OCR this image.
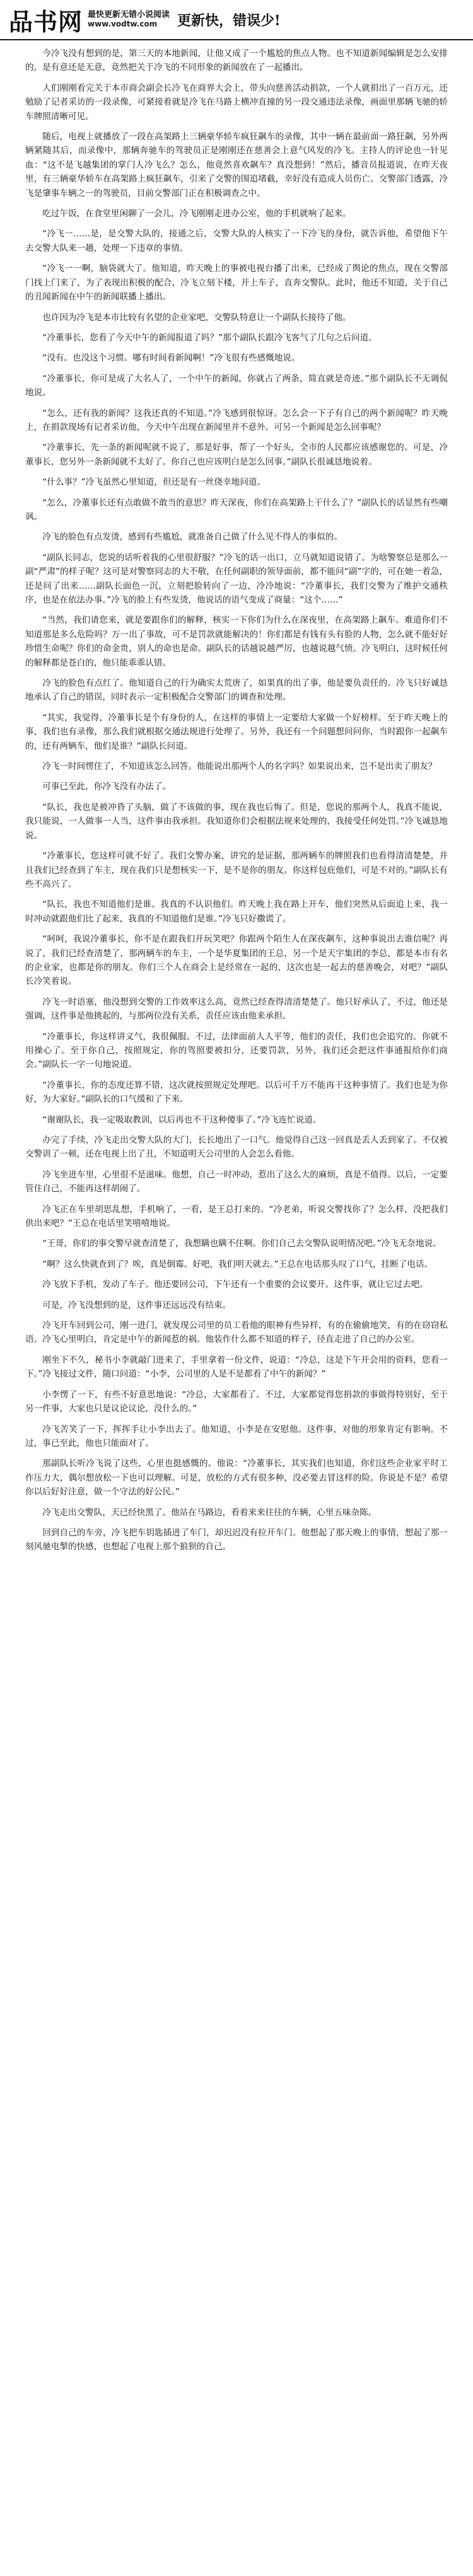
品书网 最快更新无错小说阅读
www.vodtw.com	更新快，错误少!

今冷飞没有想到的是，第三天的本地新闻，让他又成了一个尴尬的焦点人物。也不知道新闻编辑是怎么安排的，是有意还是无意，竟然把关于冷飞的不同形象的新闻放在了一起播出。

人们刚刚看完关于本市商会副会长冷飞在商界大会上，带头向慈善活动捐款，一个人就捐出了一百万元，还勉励了记者采访的一段录像，可紧接着就是冷飞在马路上横冲直撞的另一段交通违法录像，画面里那辆飞驰的轿车牌照清晰可见。

随后，电视上就播放了一段在高架路上三辆豪华轿车疯狂飙车的录像，其中一辆在最前面一路狂飙，另外两辆紧随其后，而录像中，那辆奔驰车的驾驶员正是刚刚还在慈善会上意气风发的冷飞。主持人的评论也一针见血：“这不是飞越集团的掌门人冷飞么？怎么，他竟然喜欢飙车？真没想到！”然后，播音员报道说，在昨天夜里，有三辆豪华轿车在高架路上疯狂飙车，引来了交警的围追堵截，幸好没有造成人员伤亡。交警部门透露，冷飞是肇事车辆之一的驾驶员，目前交警部门正在积极调查之中。

吃过午饭，在食堂里闲聊了一会儿，冷飞刚刚走进办公室，他的手机就响了起来。

“冷飞一……是，是交警大队的，接通之后，交警大队的人核实了一下冷飞的身份，就告诉他，希望他下午去交警大队来一趟，处理一下违章的事情。

“冷飞一一啊，脑袋就大了。他知道，昨天晚上的事被电视台播了出来，已经成了舆论的焦点，现在交警部门找上门来了，为了表现出积极的配合，冷飞立刻下楼，开上车子，直奔交警队。此时，他还不知道，关于自己的丑闻新闻在中午的新闻联播上播出。

也许因为冷飞是本市比较有名望的企业家吧，交警队特意让一个副队长接待了他。

“冷董事长，您看了今天中午的新闻报道了吗？”那个副队长跟冷飞客气了几句之后问道。

“没有。也没这个习惯。哪有时间看新闻啊！”冷飞很有些感慨地说。

“冷董事长，你可是成了大名人了，一个中午的新闻，你就占了两条，简直就是奇迹。”那个副队长不无调侃地说。

“怎么，还有我的新闻？这我还真的不知道。”冷飞感到很惊讶。怎么会一下子有自己的两个新闻呢？昨天晚上，在捐款现场有记者采访他，今天中午出现在新闻里并不意外。可另一个新闻是怎么回事呢？

“冷董事长，先一条的新闻呢就不说了，那是好事，帮了一个好头，全市的人民都应该感谢您的。可是，冷董事长，您另外一条新闻就不太好了。你自己也应该明白是怎么回事。”副队长很诚恳地说着。

“什么事？”冷飞虽然心里知道，但还是有一丝侥幸地问道。

“怎么，冷董事长还有点敢做不敢当的意思？昨天深夜，你们在高架路上干什么了？”副队长的话显然有些嘲讽。

冷飞的脸色有点发烫，感到有些尴尬，就准备自己做了什么见不得人的事似的。

“副队长同志，您说的话听着我的心里很舒服？”冷飞的话一出口，立马就知道说错了。为啥警察总是那么一副“严肃”的样子呢？这可是对警察同志的大不敬，在任何副职的领导面前，都不能问“副”字的，可在她一着急，还是问了出来……副队长面色一沉，立刻把脸转向了一边，冷冷地说：“冷董事长，我们交警为了维护交通秩序，也是在依法办事。”冷飞的脸上有些发烫，他说话的语气变成了商量：“这个……”

“当然，我们请您来，就是要跟你们的解释，核实一下你们为什么在深夜里，在高架路上飙车。难道你们不知道那是多么危险吗？万一出了事故，可不是罚款就能解决的！你们都是有钱有头有脸的人物，怎么就不能好好珍惜生命呢？你们的命金贵，别人的命也是命。副队长的话越说越严厉，也越说越气愤。冷飞明白，这时候任何的解释都是苍白的，他只能乖乖认错。

冷飞的脸色有点红了。他知道自己的行为确实太荒唐了，如果真的出了事，他是要负责任的。冷飞只好诚恳地承认了自己的错误，同时表示一定积极配合交警部门的调查和处理。

“其实，我觉得，冷董事长是个有身份的人，在这样的事情上一定要给大家做一个好榜样。至于昨天晚上的事，我们也有录像，那么我们就根据交通法规进行处理了。另外，我还有一个问题想问问你，当时跟你一起飙车的，还有两辆车，他们是谁？”副队长问道。

冷飞一时间愣住了，不知道该怎么回答。他能说出那两个人的名字吗？如果说出来，岂不是出卖了朋友？

可事已至此，你冷飞没有办法了。

“队长，我也是被冲昏了头脑，做了不该做的事，现在我也后悔了。但是，您说的那两个人，我真不能说，我只能说，一人做事一人当，这件事由我承担。我知道你们会根据法规来处理的，我接受任何处罚。”冷飞诚恳地说。

“冷董事长，您这样可就不好了。我们交警办案，讲究的是证据，那两辆车的牌照我们也看得清清楚楚，并且我们已经查到了车主，现在我们只是想核实一下，是不是你的朋友。你这样包庇他们，可是不对的。”副队长有些不高兴了。

“队长，我也不知道他们是谁。我真的不认识他们。昨天晚上我在路上开车，他们突然从后面追上来，我一时冲动就跟他们比了起来，我真的不知道他们是谁。”冷飞只好撒谎了。

“呵呵，我说冷董事长，你不是在跟我们开玩笑吧？你跟两个陌生人在深夜飙车，这种事说出去谁信呢？再说了，我们已经查清楚了，那两辆车的车主，一个是华夏集团的王总，另一个是天宇集团的李总，都是本市有名的企业家，也都是你的朋友。你们三个人在商会上是经常在一起的，这次也是一起去的慈善晚会，对吧？”副队长冷笑着说。

冷飞一时语塞，他没想到交警的工作效率这么高，竟然已经查得清清楚楚了。他只好承认了，不过，他还是强调，这件事是他挑起的，与那两位没有关系，责任应该由他来承担。

“冷董事长，你这样讲义气，我很佩服。不过，法律面前人人平等，他们的责任，我们也会追究的。你就不用操心了。至于你自己，按照规定，你的驾照要被扣分，还要罚款，另外，我们还会把这件事通报给你们商会。”副队长一字一句地说道。

“冷董事长，你的态度还算不错，这次就按照规定处理吧。以后可千万不能再干这种事情了。我们也是为你好，为大家好。”副队长的口气缓和了下来。

“谢谢队长，我一定吸取教训，以后再也不干这种傻事了。”冷飞连忙说道。

办完了手续，冷飞走出交警大队的大门，长长地出了一口气。他觉得自己这一回真是丢人丢到家了。不仅被交警训了一顿，还在电视上出了丑，不知道明天公司里的人会怎么看他。

冷飞坐进车里，心里很不是滋味。他想，自己一时冲动，惹出了这么大的麻烦，真是不值得。以后，一定要管住自己，不能再这样胡闹了。

冷飞正在车里胡思乱想，手机响了，一看，是王总打来的。“冷老弟，听说交警找你了？怎么样，没把我们供出来吧？”王总在电话里笑嘻嘻地说。

“王哥，你们的事交警早就查清楚了，我想瞒也瞒不住啊。你们自己去交警队说明情况吧。”冷飞无奈地说。

“啊？这么快就查到了？唉，真是倒霉。好吧，我们明天就去。”王总在电话那头叹了口气，挂断了电话。

冷飞放下手机，发动了车子。他还要回公司，下午还有一个重要的会议要开。这件事，就让它过去吧。

可是，冷飞没想到的是，这件事还远远没有结束。

冷飞开车回到公司，刚一进门，就发现公司里的员工看他的眼神有些异样，有的在偷偷地笑，有的在窃窃私语。冷飞心里明白，肯定是中午的新闻惹的祸。他装作什么都不知道的样子，径直走进了自己的办公室。

刚坐下不久，秘书小李就敲门进来了，手里拿着一份文件，说道：“冷总，这是下午开会用的资料，您看一下。”冷飞接过文件，随口问道：“小李，公司里的人是不是都看了中午的新闻？”

小李愣了一下，有些不好意思地说：“冷总，大家都看了。不过，大家都觉得您捐款的事做得特别好，至于另一件事，大家也只是议论议论，没什么的。”

冷飞苦笑了一下，挥挥手让小李出去了。他知道，小李是在安慰他。这件事，对他的形象肯定有影响。不过，事已至此，他也只能面对了。

那副队长听冷飞说了这些，心里也挺感慨的。他说：“冷董事长，其实我们也知道，你们这些企业家平时工作压力大，偶尔想放松一下也可以理解。可是，放松的方式有很多种，没必要去冒这样的险。你说是不是？希望你以后好好注意，做一个守法的好公民。”

冷飞走出交警队，天已经快黑了。他站在马路边，看着来来往往的车辆，心里五味杂陈。

回到自己的车旁，冷飞把车钥匙插进了车门，却迟迟没有拉开车门。他想起了那天晚上的事情，想起了那一刻风驰电掣的快感，也想起了电视上那个狼狈的自己。
